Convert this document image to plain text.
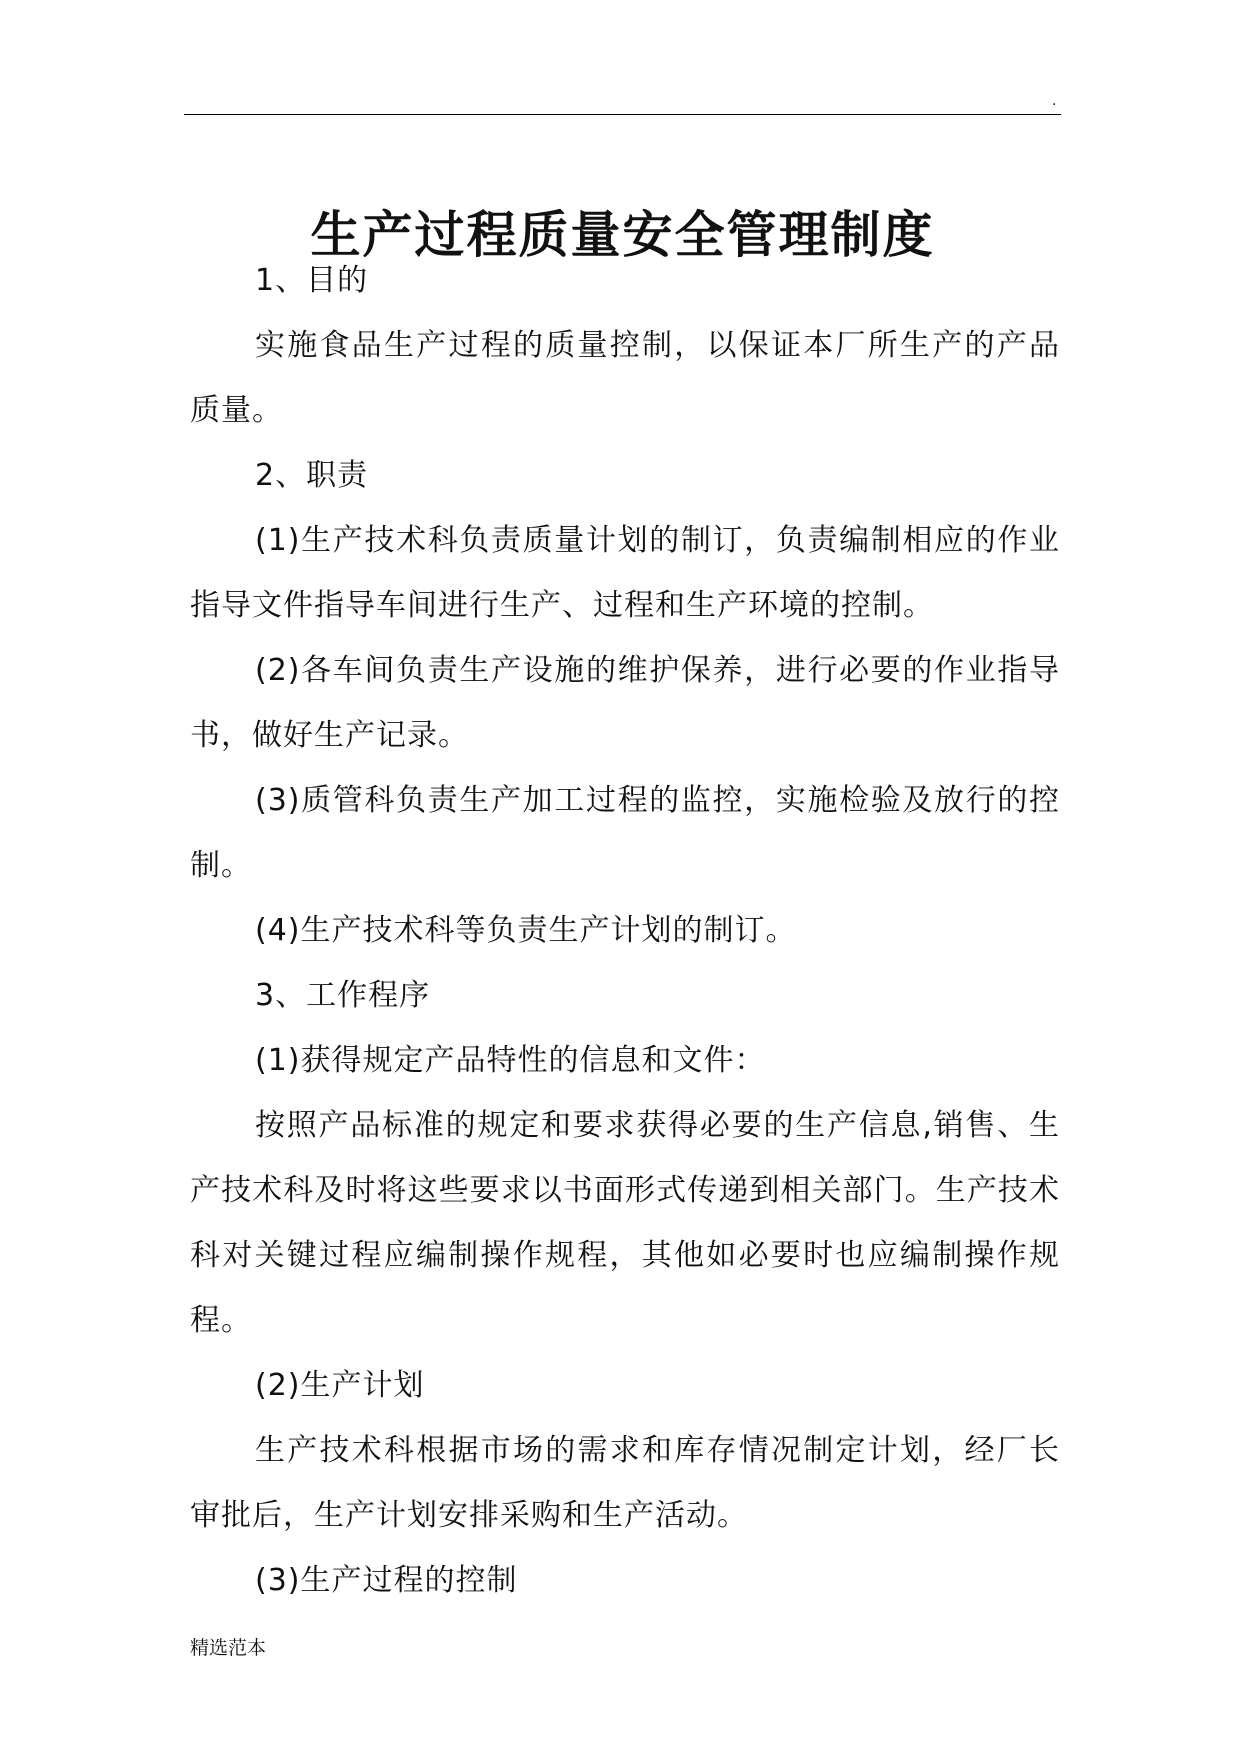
.
生产过程质量安全管理制度

1、目的

实施食品生产过程的质量控制，以保证本厂所生产的产品质量。

2、职责

(1)生产技术科负责质量计划的制订，负责编制相应的作业指导文件指导车间进行生产、过程和生产环境的控制。

(2)各车间负责生产设施的维护保养，进行必要的作业指导书，做好生产记录。

(3)质管科负责生产加工过程的监控，实施检验及放行的控制。

(4)生产技术科等负责生产计划的制订。

3、工作程序

(1)获得规定产品特性的信息和文件：

按照产品标准的规定和要求获得必要的生产信息,销售、生产技术科及时将这些要求以书面形式传递到相关部门。生产技术科对关键过程应编制操作规程，其他如必要时也应编制操作规程。

(2)生产计划

生产技术科根据市场的需求和库存情况制定计划，经厂长审批后，生产计划安排采购和生产活动。

(3)生产过程的控制

精选范本
